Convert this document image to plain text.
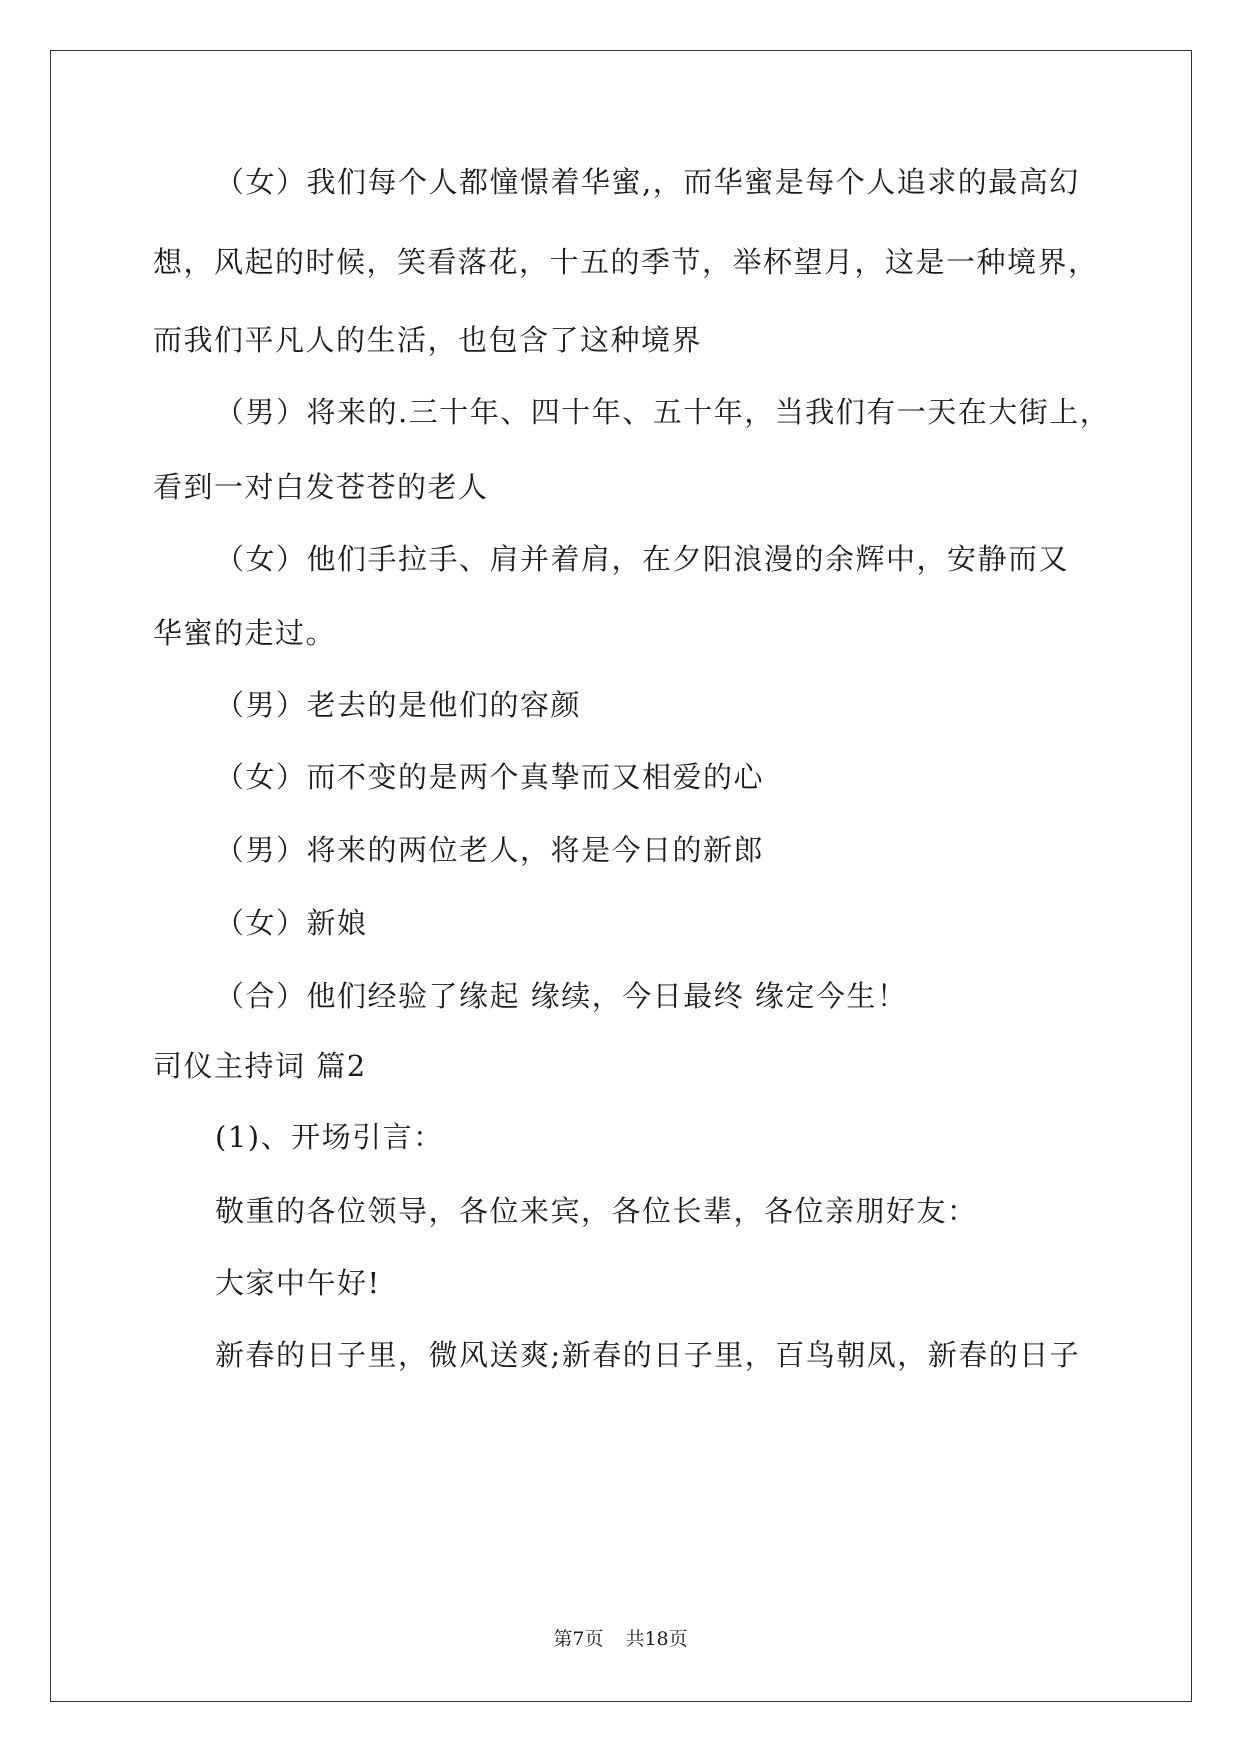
（女）我们每个人都憧憬着华蜜,，而华蜜是每个人追求的最高幻
想，风起的时候，笑看落花，十五的季节，举杯望月，这是一种境界，
而我们平凡人的生活，也包含了这种境界
（男）将来的.三十年、四十年、五十年，当我们有一天在大街上，
看到一对白发苍苍的老人
（女）他们手拉手、肩并着肩，在夕阳浪漫的余辉中，安静而又
华蜜的走过。
（男）老去的是他们的容颜
（女）而不变的是两个真挚而又相爱的心
（男）将来的两位老人，将是今日的新郎
（女）新娘
（合）他们经验了缘起 缘续，今日最终 缘定今生！
司仪主持词 篇2
(1)、开场引言：
敬重的各位领导，各位来宾，各位长辈，各位亲朋好友：
大家中午好!
新春的日子里，微风送爽;新春的日子里，百鸟朝凤，新春的日子
第7页 共18页
